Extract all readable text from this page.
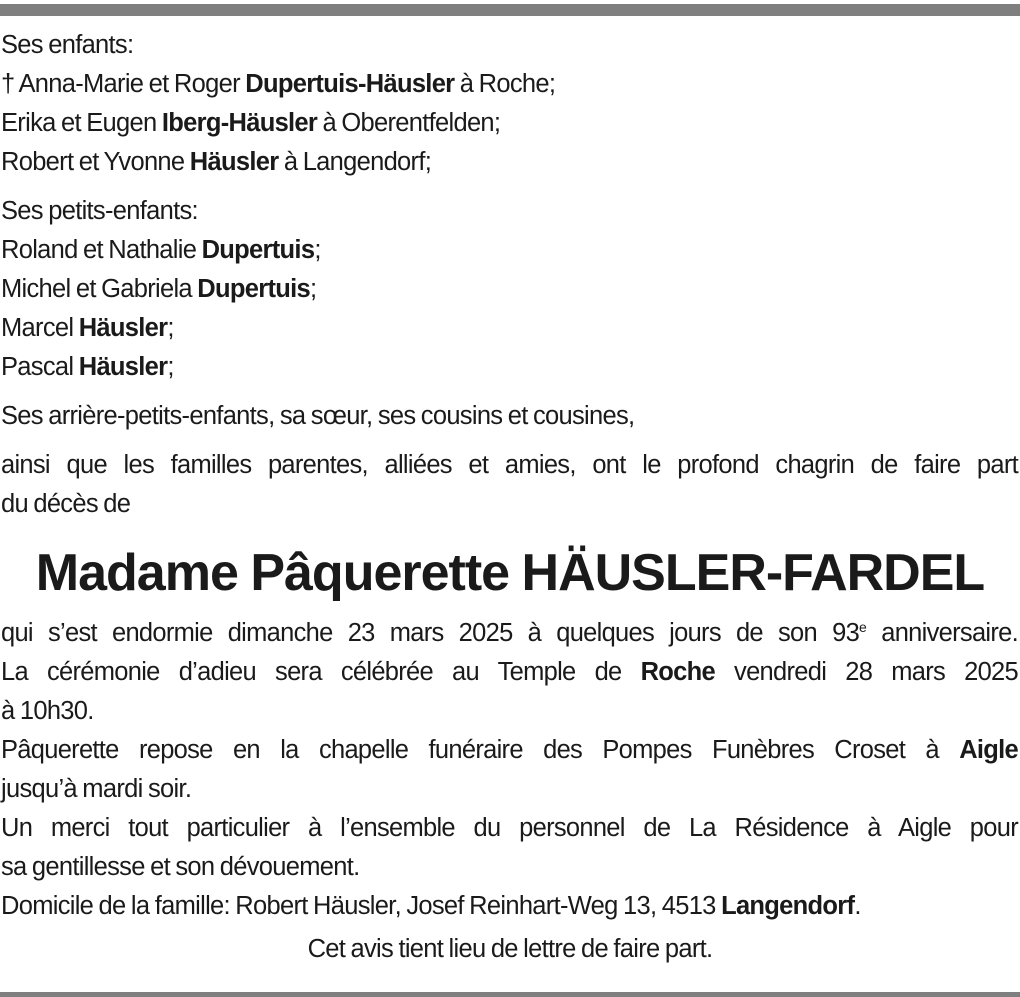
Ses enfants:
† Anna-Marie et Roger Dupertuis-Häusler à Roche;
Erika et Eugen Iberg-Häusler à Oberentfelden;
Robert et Yvonne Häusler à Langendorf;
Ses petits-enfants:
Roland et Nathalie Dupertuis;
Michel et Gabriela Dupertuis;
Marcel Häusler;
Pascal Häusler;
Ses arrière-petits-enfants, sa sœur, ses cousins et cousines,
ainsi que les familles parentes, alliées et amies, ont le profond chagrin de faire part
du décès de
Madame Pâquerette HÄUSLER-FARDEL
qui s’est endormie dimanche 23 mars 2025 à quelques jours de son 93e anniversaire.
La cérémonie d’adieu sera célébrée au Temple de Roche vendredi 28 mars 2025
à 10h30.
Pâquerette repose en la chapelle funéraire des Pompes Funèbres Croset à Aigle
jusqu’à mardi soir.
Un merci tout particulier à l’ensemble du personnel de La Résidence à Aigle pour
sa gentillesse et son dévouement.
Domicile de la famille: Robert Häusler, Josef Reinhart-Weg 13, 4513 Langendorf.
Cet avis tient lieu de lettre de faire part.
